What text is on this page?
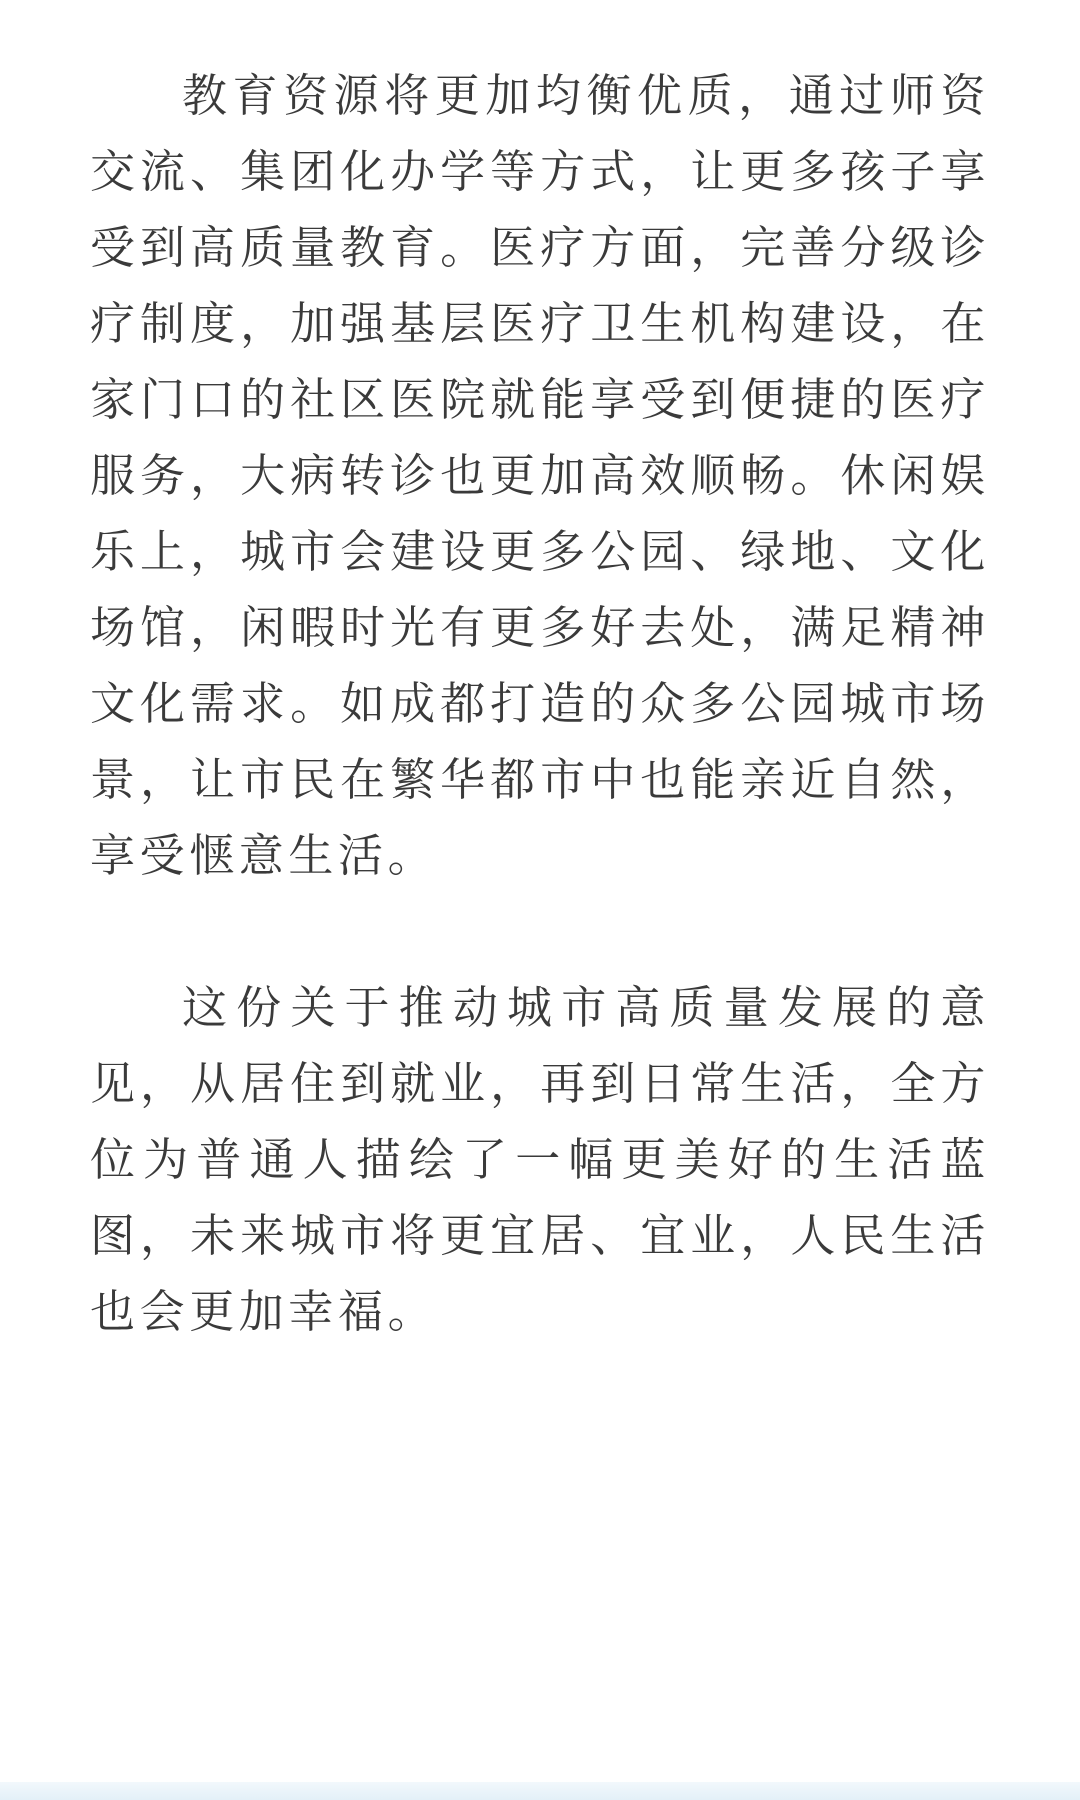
教育资源将更加均衡优质，通过师资交流、集团化办学等方式，让更多孩子享受到高质量教育。医疗方面，完善分级诊疗制度，加强基层医疗卫生机构建设，在家门口的社区医院就能享受到便捷的医疗服务，大病转诊也更加高效顺畅。休闲娱乐上，城市会建设更多公园、绿地、文化场馆，闲暇时光有更多好去处，满足精神文化需求。如成都打造的众多公园城市场景，让市民在繁华都市中也能亲近自然，享受惬意生活。

这份关于推动城市高质量发展的意见，从居住到就业，再到日常生活，全方位为普通人描绘了一幅更美好的生活蓝图，未来城市将更宜居、宜业，人民生活也会更加幸福。
